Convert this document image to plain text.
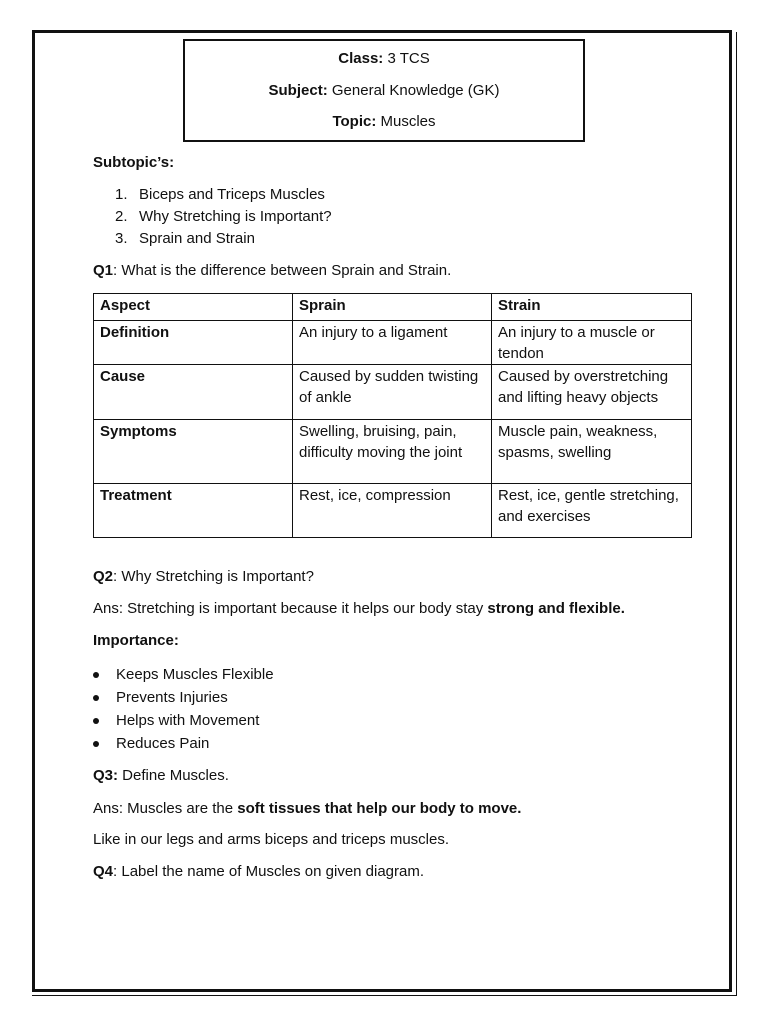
Class: 3 TCS
Subject: General Knowledge (GK)
Topic: Muscles
Subtopic’s:
1. Biceps and Triceps Muscles
2. Why Stretching is Important?
3. Sprain and Strain
Q1: What is the difference between Sprain and Strain.
Aspect	Sprain	Strain
Definition	An injury to a ligament	An injury to a muscle or tendon
Cause	Caused by sudden twisting of ankle	Caused by overstretching and lifting heavy objects
Symptoms	Swelling, bruising, pain, difficulty moving the joint	Muscle pain, weakness, spasms, swelling
Treatment	Rest, ice, compression	Rest, ice, gentle stretching, and exercises
Q2: Why Stretching is Important?
Ans: Stretching is important because it helps our body stay strong and flexible.
Importance:
Keeps Muscles Flexible
Prevents Injuries
Helps with Movement
Reduces Pain
Q3: Define Muscles.
Ans: Muscles are the soft tissues that help our body to move.
Like in our legs and arms biceps and triceps muscles.
Q4: Label the name of Muscles on given diagram.
